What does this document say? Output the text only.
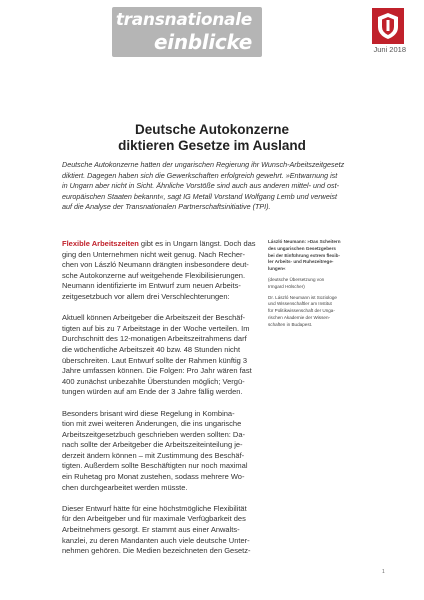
transnationale
einblicke	Juni 2018
Deutsche Autokonzerne
diktieren Gesetze im Ausland
Deutsche Autokonzerne hatten der ungarischen Regierung ihr Wunsch-Arbeitszeitgesetz
diktiert. Dagegen haben sich die Gewerkschaften erfolgreich gewehrt. »Entwarnung ist
in Ungarn aber nicht in Sicht. Ähnliche Vorstöße sind auch aus anderen mittel- und ost-
europäischen Staaten bekannt«, sagt IG Metall Vorstand Wolfgang Lemb und verweist
auf die Analyse der Transnationalen Partnerschaftsinitiative (TPI).

Flexible Arbeitszeiten gibt es in Ungarn längst. Doch das
ging den Unternehmen nicht weit genug. Nach Recher-
chen von László Neumann drängten insbesondere deut-
sche Autokonzerne auf weitgehende Flexibilisierungen.
Neumann identifizierte im Entwurf zum neuen Arbeits-
zeitgesetzbuch vor allem drei Verschlechterungen:

Aktuell können Arbeitgeber die Arbeitszeit der Beschäf-
tigten auf bis zu 7 Arbeitstage in der Woche verteilen. Im
Durchschnitt des 12-monatigen Arbeitszeitrahmens darf
die wöchentliche Arbeitszeit 40 bzw. 48 Stunden nicht
überschreiten. Laut Entwurf sollte der Rahmen künftig 3
Jahre umfassen können. Die Folgen: Pro Jahr wären fast
400 zunächst unbezahlte Überstunden möglich; Vergü-
tungen würden auf am Ende der 3 Jahre fällig werden.

Besonders brisant wird diese Regelung in Kombina-
tion mit zwei weiteren Änderungen, die ins ungarische
Arbeitszeitgesetzbuch geschrieben werden sollten: Da-
nach sollte der Arbeitgeber die Arbeitszeiteinteilung je-
derzeit ändern können – mit Zustimmung des Beschäf-
tigten. Außerdem sollte Beschäftigten nur noch maximal
ein Ruhetag pro Monat zustehen, sodass mehrere Wo-
chen durchgearbeitet werden müsste.

Dieser Entwurf hätte für eine höchstmögliche Flexibilität
für den Arbeitgeber und für maximale Verfügbarkeit des
Arbeitnehmers gesorgt. Er stammt aus einer Anwalts-
kanzlei, zu deren Mandanten auch viele deutsche Unter-
nehmen gehören. Die Medien bezeichneten den Gesetz-

László Neumann: »Das Scheitern
des ungarischen Gesetzgebers
bei der Einführung extrem flexib-
ler Arbeits- und Ruhezeitrege-
lungen«
(deutsche Übersetzung von
Irmgard Hölscher)
Dr. László Neumann ist Soziologe
und Wissenschaftler am Institut
für Politikwissenschaft der Unga-
rischen Akademie der Wissen-
schaften in Budapest.
1
